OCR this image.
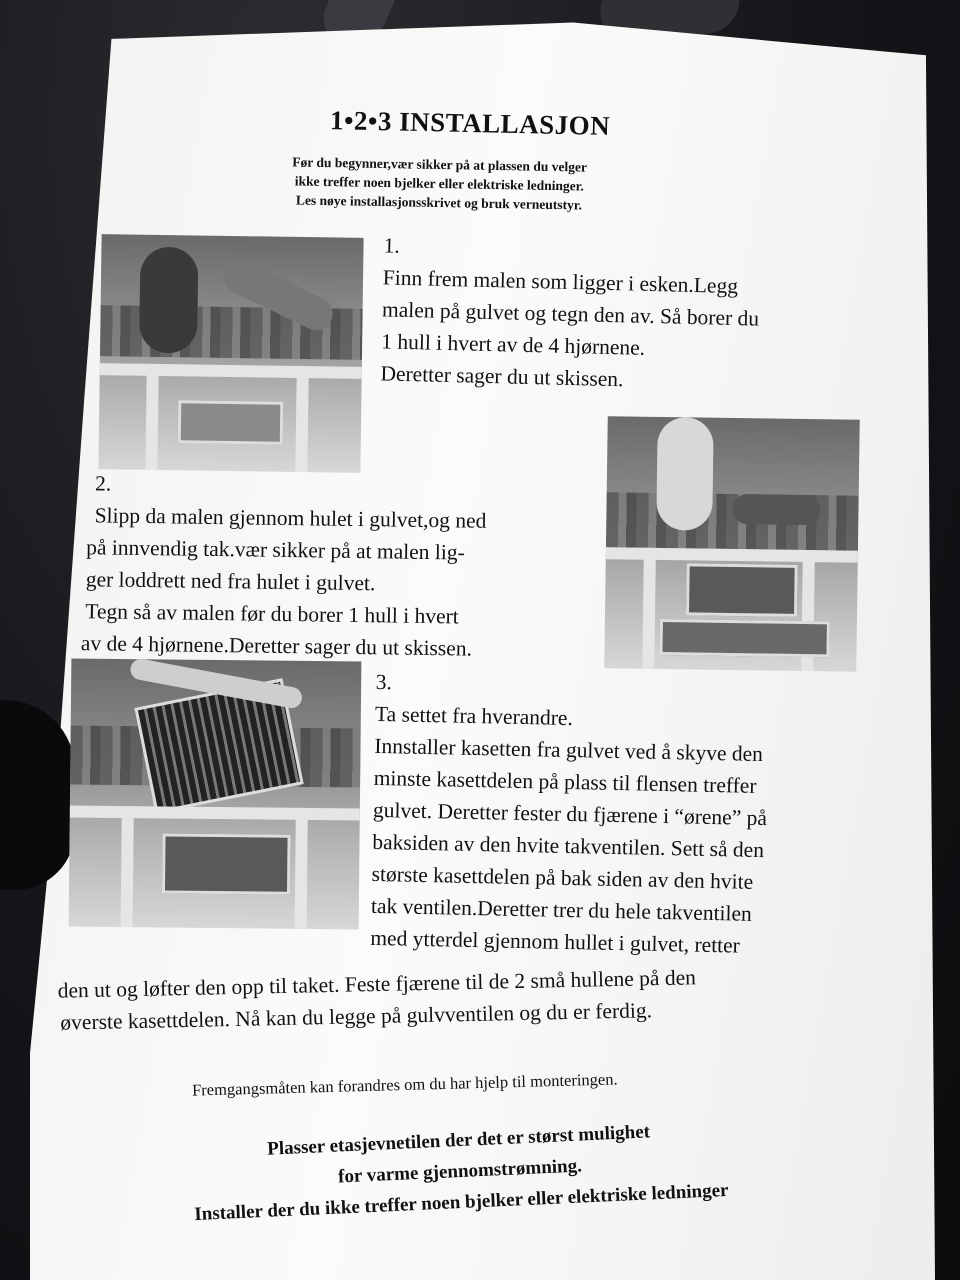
1•2•3 INSTALLASJON
Før du begynner,vær sikker på at plassen du velger
ikke treffer noen bjelker eller elektriske ledninger.
Les nøye installasjonsskrivet og bruk verneutstyr.
1.
Finn frem malen som ligger i esken.Legg
malen på gulvet og tegn den av. Så borer du
1 hull i hvert av de 4 hjørnene.
Deretter sager du ut skissen.
2.
Slipp da malen gjennom hulet i gulvet,og ned
på innvendig tak.vær sikker på at malen lig-
ger loddrett ned fra hulet i gulvet.
Tegn så av malen før du borer 1 hull i hvert
av de 4 hjørnene.Deretter sager du ut skissen.
3.
Ta settet fra hverandre.
Innstaller kasetten fra gulvet ved å skyve den
minste kasettdelen på plass til flensen treffer
gulvet. Deretter fester du fjærene i “ørene” på
baksiden av den hvite takventilen. Sett så den
største kasettdelen på bak siden av den hvite
tak ventilen.Deretter trer du hele takventilen
med ytterdel gjennom hullet i gulvet, retter
den ut og løfter den opp til taket. Feste fjærene til de 2 små hullene på den
øverste kasettdelen. Nå kan du legge på gulvventilen og du er ferdig.
Fremgangsmåten kan forandres om du har hjelp til monteringen.
Plasser etasjevnetilen der det er størst mulighet
for varme gjennomstrømning.
Installer der du ikke treffer noen bjelker eller elektriske ledninger
